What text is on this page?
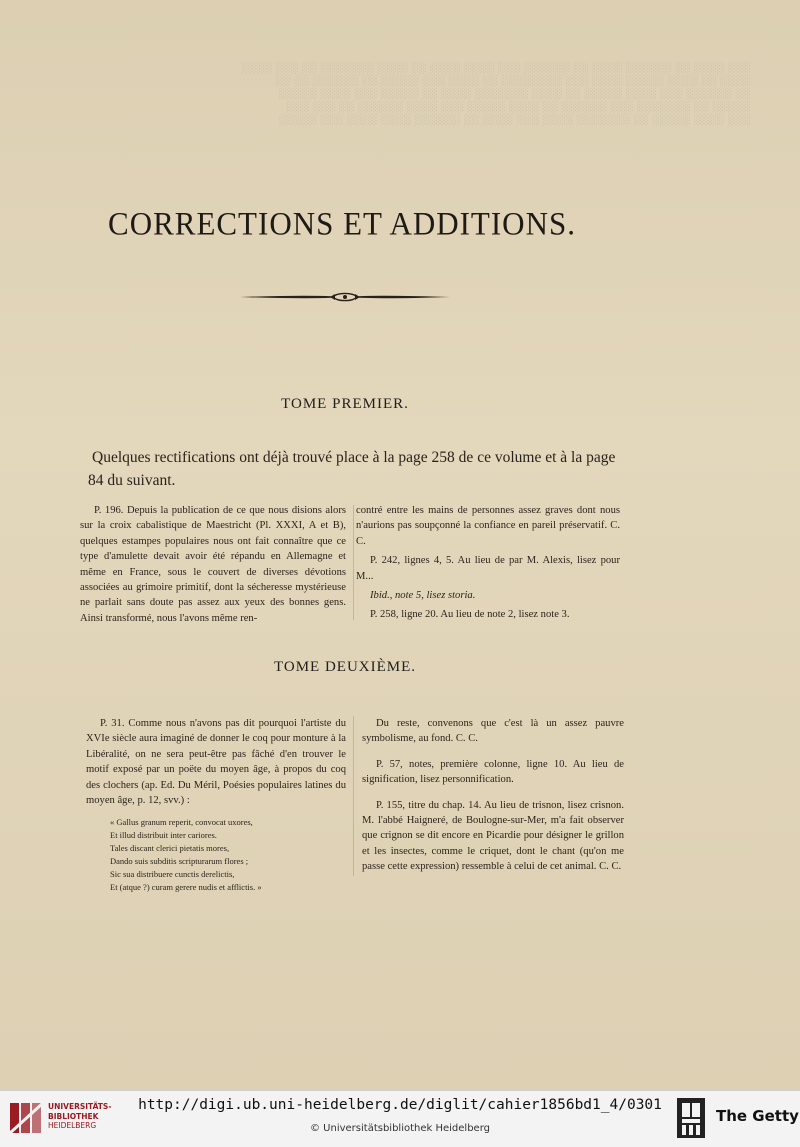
░░░ ░░░░ ░░ ░░░░░░ ░░░░ ░░ ░░░░░░ ░░░ ░░░░ ░░░░ ░░ ░░░░ ░░░░░░░ ░░ ░░░ ░░░░
░░░░ ░░ ░░░░ ░░░░░ ░░░░ ░░░ ░░░░░░░░ ░░ ░░░░ ░░░ ░░░░░ ░░ ░░░░░░ ░░ ░░
░░ ░░░░░░ ░░░ ░░░░ ░░░░░ ░░ ░░░░ ░░░░░░░ ░░░░ ░░ ░░░░░ ░░░ ░░░░ ░░░░░
░░░░░ ░░ ░░░░░░░ ░░░ ░░░░░░ ░░ ░░░░ ░░░░░ ░░░ ░░░░ ░░░░░░ ░░ ░░░ ░░░
░░░ ░░░░ ░░░░░ ░░ ░░░░░░░ ░░░░ ░░░ ░░░░ ░░ ░░░░░░ ░░░░ ░░░░ ░░░ ░░░░░
CORRECTIONS ET ADDITIONS.
TOME PREMIER.
Quelques rectifications ont déjà trouvé place à la page 258 de ce volume et à la page 84 du suivant.

P. 196. Depuis la publication de ce que nous disions alors sur la croix cabalistique de Maestricht (Pl. XXXI, A et B), quelques estampes populaires nous ont fait connaître que ce type d'amulette devait avoir été répandu en Allemagne et même en France, sous le couvert de diverses dévotions associées au grimoire primitif, dont la sécheresse mystérieuse ne parlait sans doute pas assez aux yeux des bonnes gens. Ainsi transformé, nous l'avons même ren-

contré entre les mains de personnes assez graves dont nous n'aurions pas soupçonné la confiance en pareil préservatif. C. C.

P. 242, lignes 4, 5. Au lieu de par M. Alexis, lisez pour M...

Ibid., note 5, lisez storia.

P. 258, ligne 20. Au lieu de note 2, lisez note 3.

TOME DEUXIÈME.

P. 31. Comme nous n'avons pas dit pourquoi l'artiste du XVIe siècle aura imaginé de donner le coq pour monture à la Libéralité, on ne sera peut-être pas fâché d'en trouver le motif exposé par un poëte du moyen âge, à propos du coq des clochers (ap. Ed. Du Méril, Poésies populaires latines du moyen âge, p. 12, svv.) :

« Gallus granum reperit, convocat uxores,
Et illud distribuit inter cariores.
Tales discant clerici pietatis mores,
Dando suis subditis scripturarum flores ;
Sic sua distribuere cunctis derelictis,
Et (atque ?) curam gerere nudis et afflictis. »

Du reste, convenons que c'est là un assez pauvre symbolisme, au fond. C. C.

P. 57, notes, première colonne, ligne 10. Au lieu de signification, lisez personnification.

P. 155, titre du chap. 14. Au lieu de trisnon, lisez crisnon. M. l'abbé Haigneré, de Boulogne-sur-Mer, m'a fait observer que crignon se dit encore en Picardie pour désigner le grillon et les insectes, comme le criquet, dont le chant (qu'on me passe cette expression) ressemble à celui de cet animal. C. C.

UNIVERSITÄTS-
BIBLIOTHEK
HEIDELBERG
http://digi.ub.uni-heidelberg.de/diglit/cahier1856bd1_4/0301
© Universitätsbibliothek Heidelberg
The Getty
